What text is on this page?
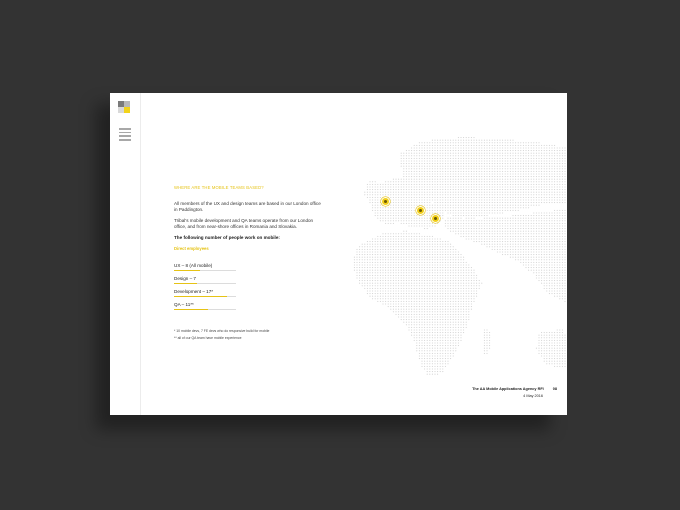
WHERE ARE THE MOBILE TEAMS BASED?

All members of the UX and design teams are based in our London office in Paddington.

Tribal's mobile development and QA teams operate from our London office, and from near-shore offices in Romania and Slovakia.

The following number of people work on mobile:

Direct employees

UX – 8 (All mobile)
Design – 7
Development – 17*
QA – 11**

* 10 mobile devs, 7 FE devs who do responsive build for mobile

** all of our QA team have mobile experience

The AA Mobile Applications Agency RFI 08
4 May 2016
